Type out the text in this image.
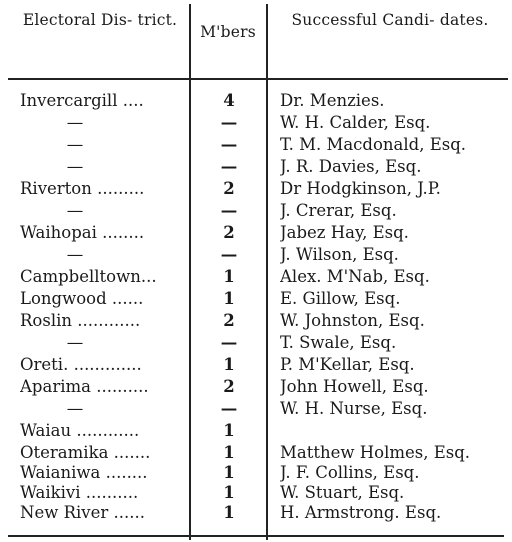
Electoral Dis- trict.
M'bers
Successful Candi- dates.
Invercargill ....	4	Dr. Menzies.
—	—	W. H. Calder, Esq.
—	—	T. M. Macdonald, Esq.
—	—	J. R. Davies, Esq.
Riverton .........	2	Dr Hodgkinson, J.P.
—	—	J. Crerar, Esq.
Waihopai ........	2	Jabez Hay, Esq.
—	—	J. Wilson, Esq.
Campbelltown...	1	Alex. M'Nab, Esq.
Longwood ......	1	E. Gillow, Esq.
Roslin ............	2	W. Johnston, Esq.
—	—	T. Swale, Esq.
Oreti. .............	1	P. M'Kellar, Esq.
Aparima ..........	2	John Howell, Esq.
—	—	W. H. Nurse, Esq.
Waiau ............	1
Oteramika .......	1	Matthew Holmes, Esq.
Waianiwa ........	1	J. F. Collins, Esq.
Waikivi ..........	1	W. Stuart, Esq.
New River ......	1	H. Armstrong. Esq.
